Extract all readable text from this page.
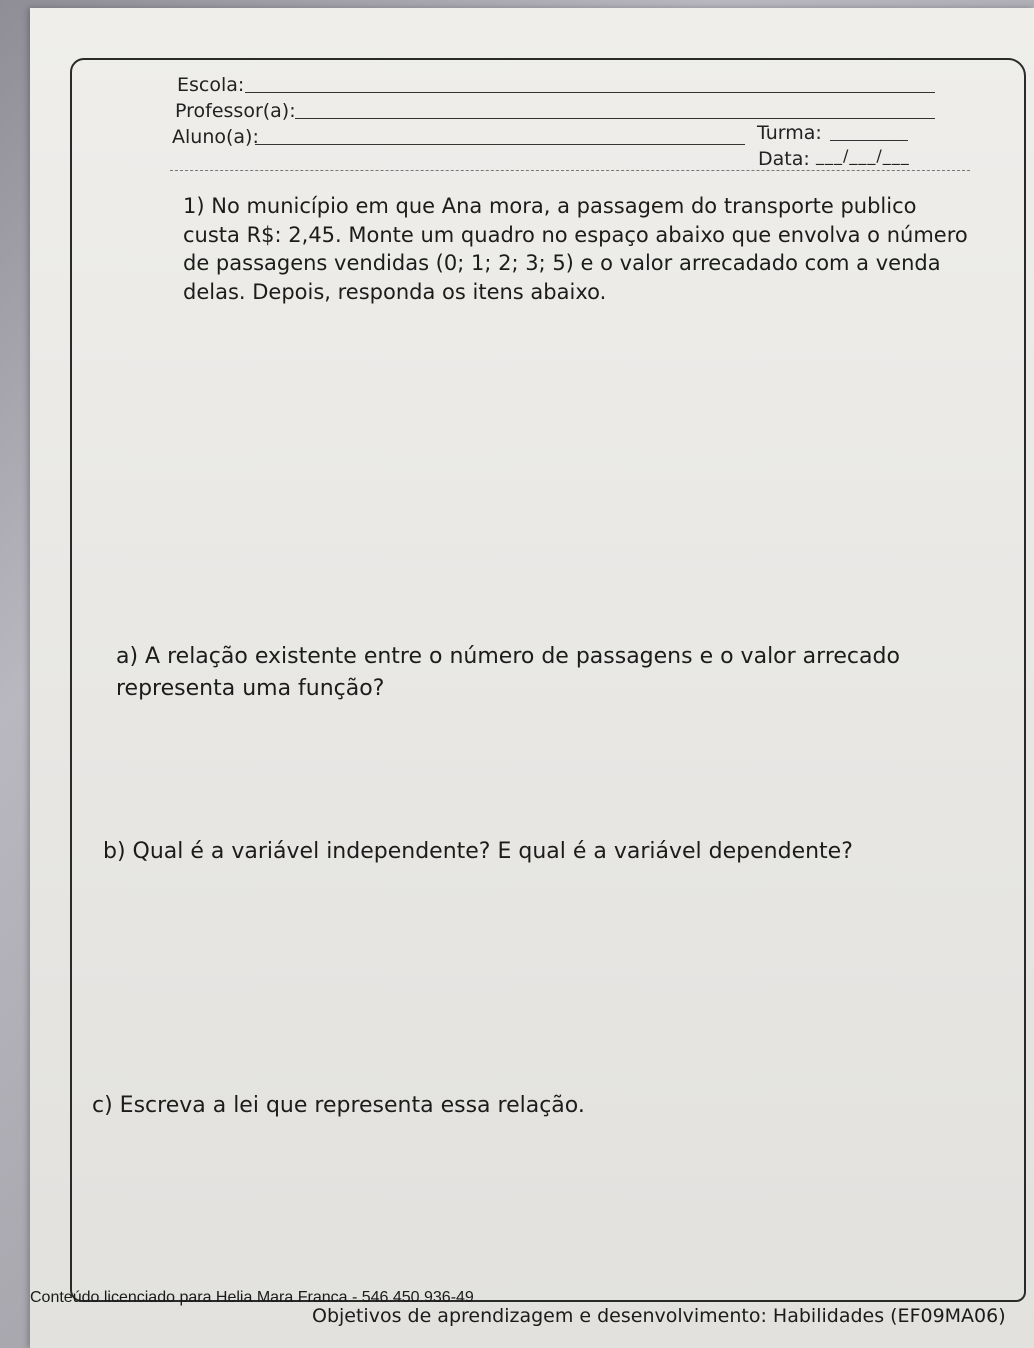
Escola:
Professor(a):
Aluno(a):	Turma:
Data: ___/___/___

1) No município em que Ana mora, a passagem do transporte publico custa R$: 2,45. Monte um quadro no espaço abaixo que envolva o número de passagens vendidas (0; 1; 2; 3; 5) e o valor arrecadado com a venda delas. Depois, responda os itens abaixo.

a) A relação existente entre o número de passagens e o valor arrecado representa uma função?

b) Qual é a variável independente? E qual é a variável dependente?

c) Escreva a lei que representa essa relação.

Conteúdo licenciado para Helia Mara Franca - 546.450.936-49
Objetivos de aprendizagem e desenvolvimento: Habilidades (EF09MA06)
